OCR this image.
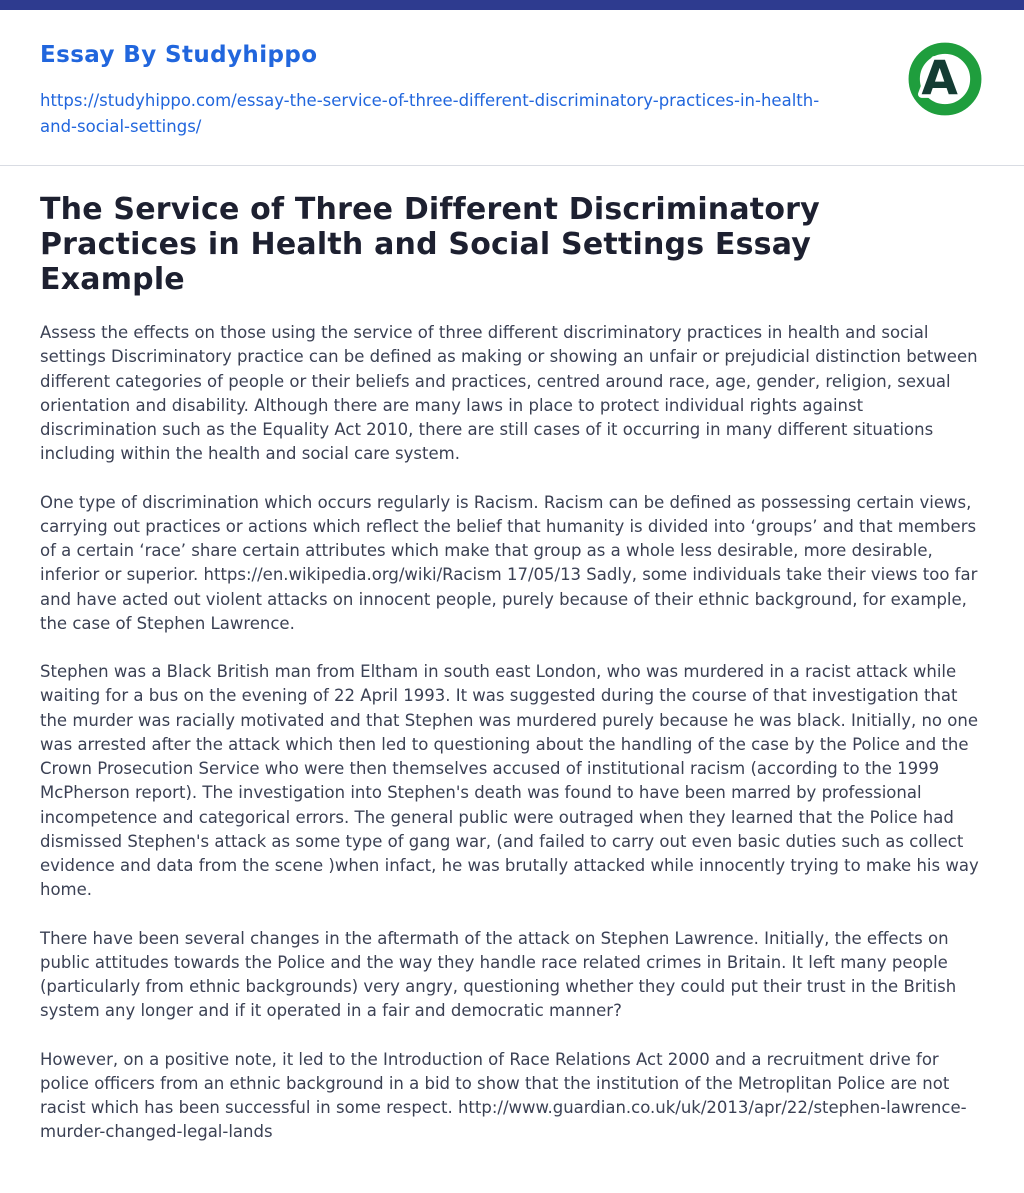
Essay By Studyhippo
https://studyhippo.com/essay-the-service-of-three-different-discriminatory-practices-in-health-and-social-settings/
A
The Service of Three Different Discriminatory Practices in Health and Social Settings Essay Example

Assess the effects on those using the service of three different discriminatory practices in health and social settings Discriminatory practice can be defined as making or showing an unfair or prejudicial distinction between different categories of people or their beliefs and practices, centred around race, age, gender, religion, sexual orientation and disability. Although there are many laws in place to protect individual rights against discrimination such as the Equality Act 2010, there are still cases of it occurring in many different situations including within the health and social care system.

One type of discrimination which occurs regularly is Racism. Racism can be defined as possessing certain views, carrying out practices or actions which reflect the belief that humanity is divided into ‘groups’ and that members of a certain ‘race’ share certain attributes which make that group as a whole less desirable, more desirable, inferior or superior. https://en.wikipedia.org/wiki/Racism 17/05/13 Sadly, some individuals take their views too far and have acted out violent attacks on innocent people, purely because of their ethnic background, for example, the case of Stephen Lawrence.

Stephen was a Black British man from Eltham in south east London, who was murdered in a racist attack while waiting for a bus on the evening of 22 April 1993. It was suggested during the course of that investigation that the murder was racially motivated and that Stephen was murdered purely because he was black. Initially, no one was arrested after the attack which then led to questioning about the handling of the case by the Police and the Crown Prosecution Service who were then themselves accused of institutional racism (according to the 1999 McPherson report). The investigation into Stephen's death was found to have been marred by professional incompetence and categorical errors. The general public were outraged when they learned that the Police had dismissed Stephen's attack as some type of gang war, (and failed to carry out even basic duties such as collect evidence and data from the scene )when infact, he was brutally attacked while innocently trying to make his way home.

There have been several changes in the aftermath of the attack on Stephen Lawrence. Initially, the effects on public attitudes towards the Police and the way they handle race related crimes in Britain. It left many people (particularly from ethnic backgrounds) very angry, questioning whether they could put their trust in the British system any longer and if it operated in a fair and democratic manner?

However, on a positive note, it led to the Introduction of Race Relations Act 2000 and a recruitment drive for police officers from an ethnic background in a bid to show that the institution of the Metroplitan Police are not racist which has been successful in some respect. http://www.guardian.co.uk/uk/2013/apr/22/stephen-lawrence-murder-changed-legal-lands
